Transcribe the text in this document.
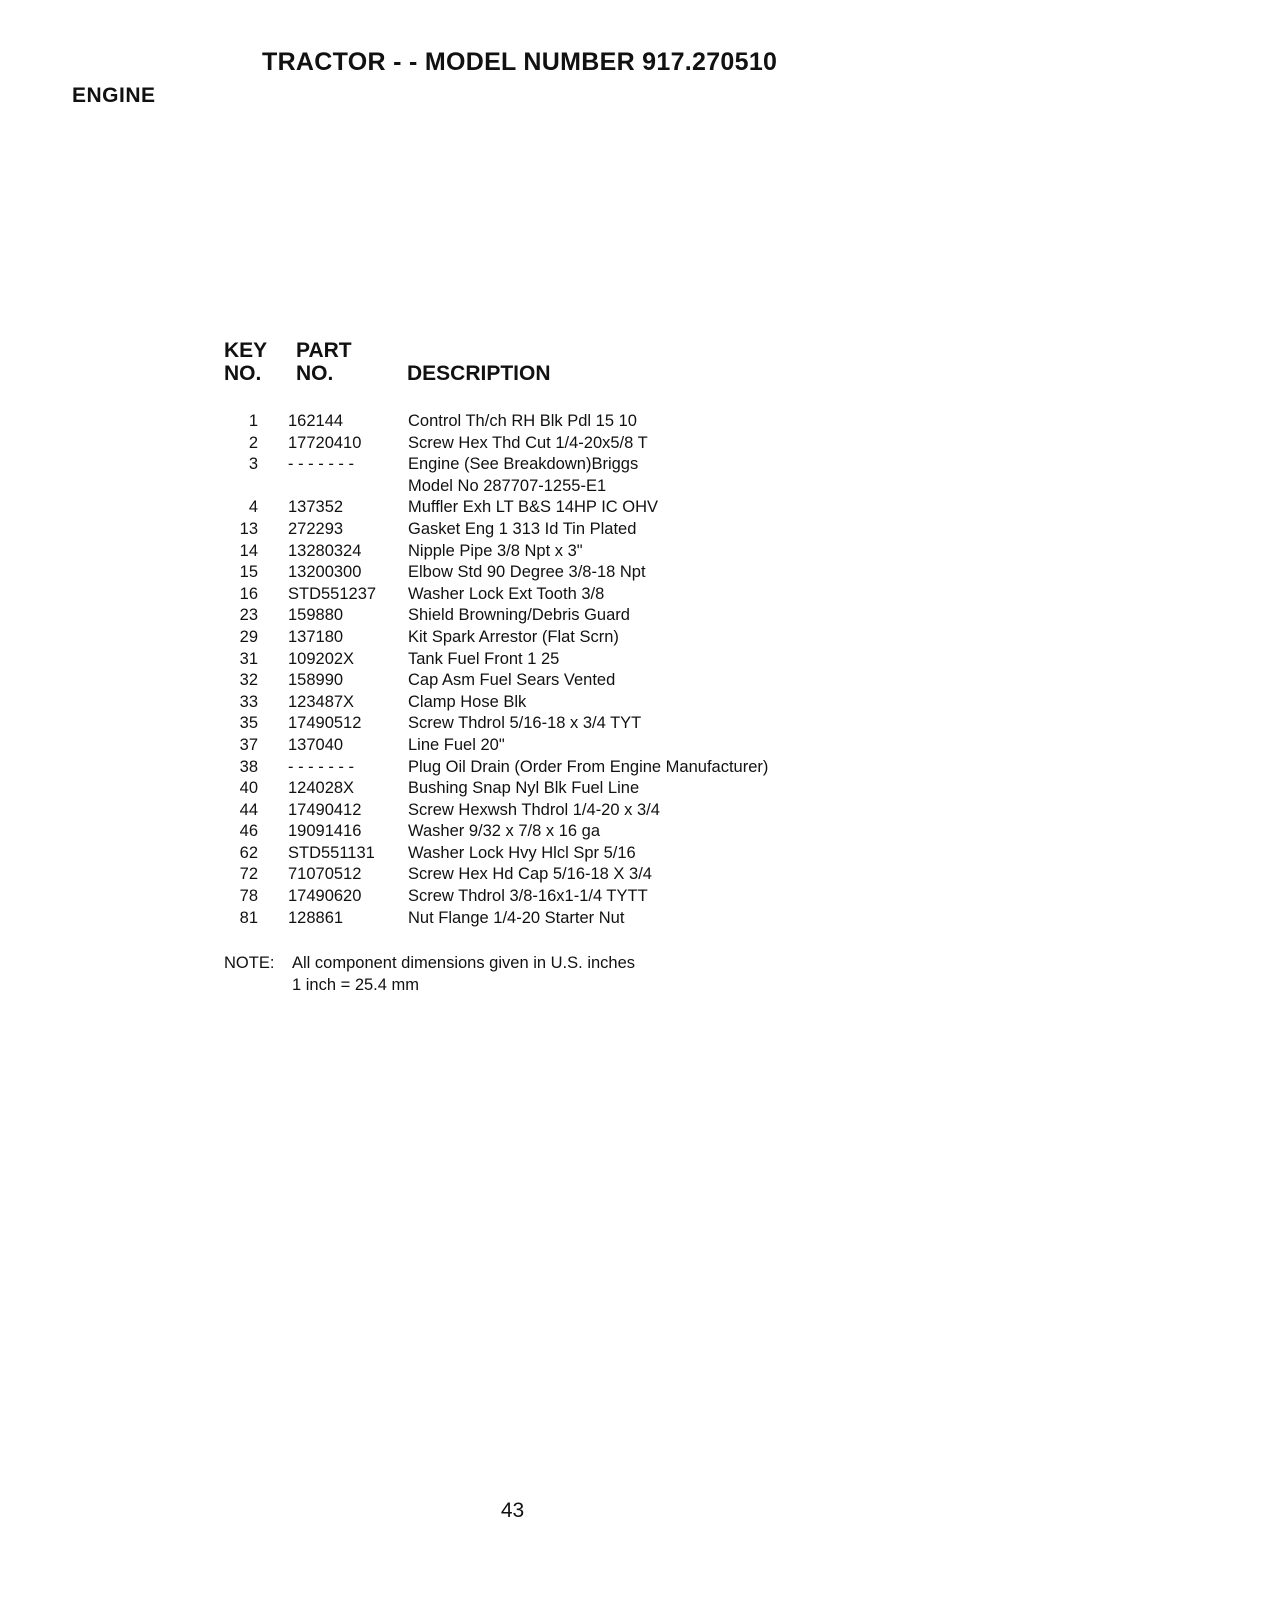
TRACTOR - - MODEL NUMBER 917.270510
ENGINE
KEY
NO.
PART
NO.	DESCRIPTION
1 162144	Control Th/ch RH Blk Pdl 15 10
2 17720410	Screw Hex Thd Cut 1/4-20x5/8 T
3 - - - - - - -	Engine (See Breakdown)Briggs
Model No 287707-1255-E1
4 137352	Muffler Exh LT B&S 14HP IC OHV
13 272293	Gasket Eng 1 313 Id Tin Plated
14 13280324	Nipple Pipe 3/8 Npt x 3"
15 13200300	Elbow Std 90 Degree 3/8-18 Npt
16 STD551237 Washer Lock Ext Tooth 3/8
23 159880	Shield Browning/Debris Guard
29 137180	Kit Spark Arrestor (Flat Scrn)
31 109202X	Tank Fuel Front 1 25
32 158990	Cap Asm Fuel Sears Vented
33 123487X	Clamp Hose Blk
35 17490512	Screw Thdrol 5/16-18 x 3/4 TYT
37 137040	Line Fuel 20"
38 - - - - - - -	Plug Oil Drain (Order From Engine Manufacturer)
40 124028X	Bushing Snap Nyl Blk Fuel Line
44 17490412	Screw Hexwsh Thdrol 1/4-20 x 3/4
46 19091416	Washer 9/32 x 7/8 x 16 ga
62 STD551131 Washer Lock Hvy Hlcl Spr 5/16
72 71070512	Screw Hex Hd Cap 5/16-18 X 3/4
78 17490620	Screw Thdrol 3/8-16x1-1/4 TYTT
81 128861	Nut Flange 1/4-20 Starter Nut
NOTE: All component dimensions given in U.S. inches
1 inch = 25.4 mm
43
